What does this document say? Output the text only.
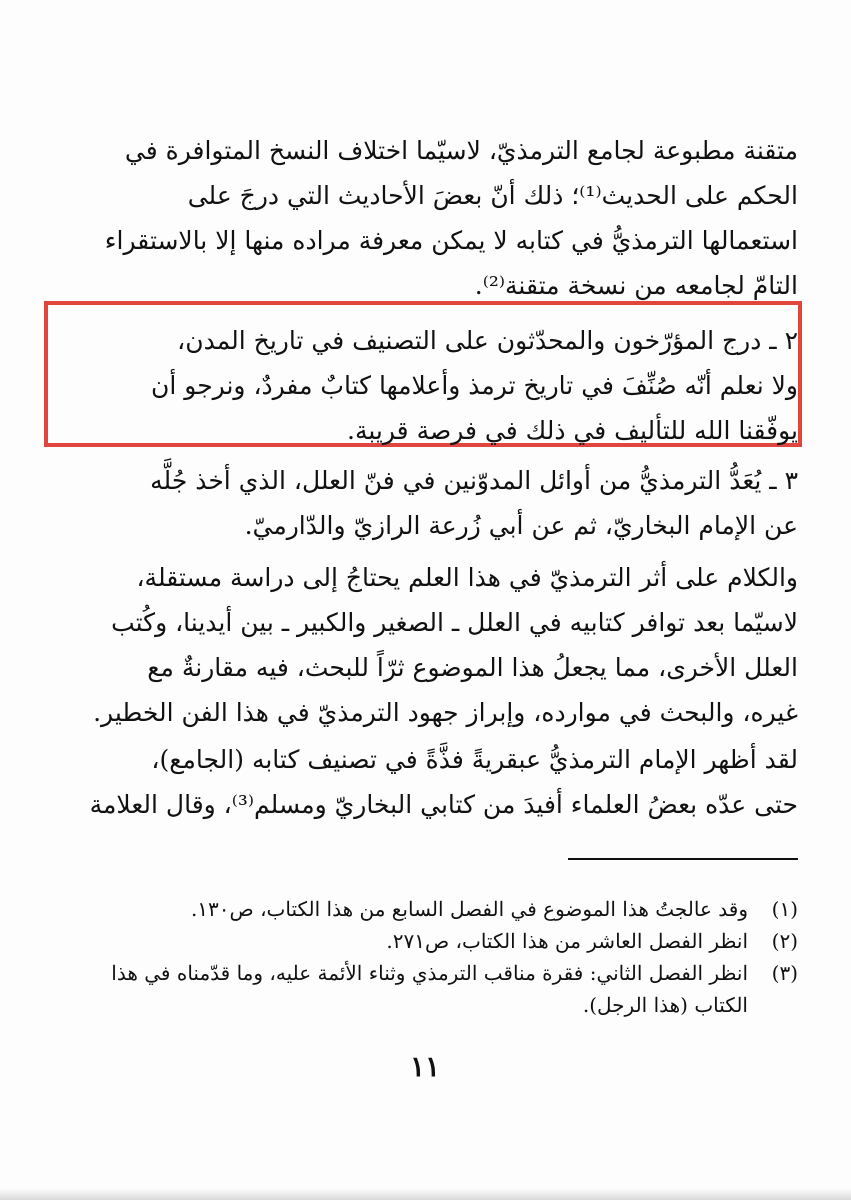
متقنة مطبوعة لجامع الترمذيّ، لاسيّما اختلاف النسخ المتوافرة في
الحكم على الحديث⁽¹⁾؛ ذلك أنّ بعضَ الأحاديث التي درجَ على
استعمالها الترمذيُّ في كتابه لا يمكن معرفة مراده منها إلا بالاستقراء
التامّ لجامعه من نسخة متقنة⁽²⁾.
٢ ـ درج المؤرّخون والمحدّثون على التصنيف في تاريخ المدن،
ولا نعلم أنّه صُنِّفَ في تاريخ ترمذ وأعلامها كتابٌ مفردٌ، ونرجو أن
يوفّقنا الله للتأليف في ذلك في فرصة قريبة.
٣ ـ يُعَدُّ الترمذيُّ من أوائل المدوّنين في فنّ العلل، الذي أخذ جُلَّه
عن الإمام البخاريّ، ثم عن أبي زُرعة الرازيّ والدّارميّ.
والكلام على أثر الترمذيّ في هذا العلم يحتاجُ إلى دراسة مستقلة،
لاسيّما بعد توافر كتابيه في العلل ـ الصغير والكبير ـ بين أيدينا، وكُتب
العلل الأخرى، مما يجعلُ هذا الموضوع ثرّاً للبحث، فيه مقارنةٌ مع
غيره، والبحث في موارده، وإبراز جهود الترمذيّ في هذا الفن الخطير.
لقد أظهر الإمام الترمذيُّ عبقريةً فذَّةً في تصنيف كتابه (الجامع)،
حتى عدّه بعضُ العلماء أفيدَ من كتابي البخاريّ ومسلم⁽³⁾، وقال العلامة
(١)
وقد عالجتُ هذا الموضوع في الفصل السابع من هذا الكتاب، ص١٣٠.
(٢)
انظر الفصل العاشر من هذا الكتاب، ص٢٧١.
(٣)
انظر الفصل الثاني: فقرة مناقب الترمذي وثناء الأئمة عليه، وما قدّمناه في هذا الكتاب (هذا الرجل).
١١
